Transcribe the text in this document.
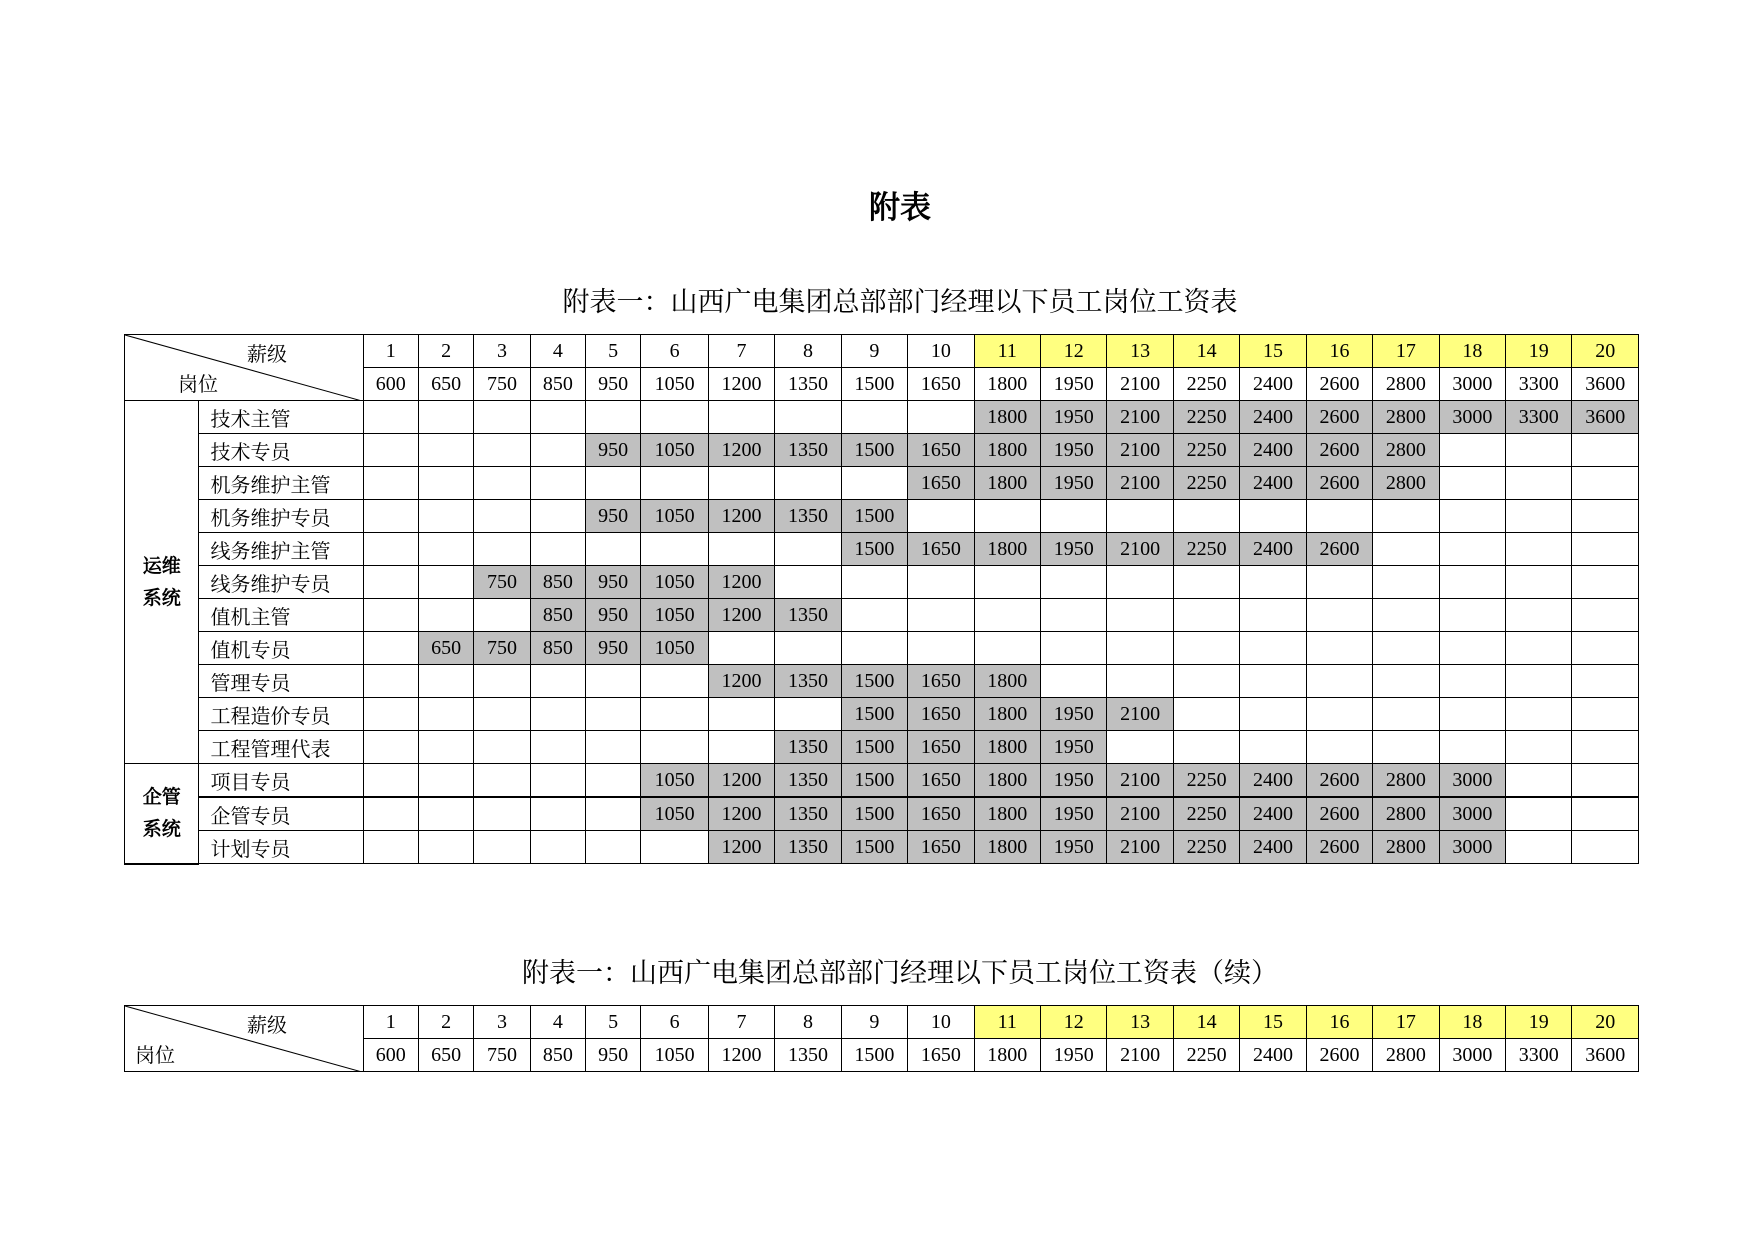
附表
附表一：山西广电集团总部部门经理以下员工岗位工资表
薪级
岗位		1	2	3	4	5	6	7	8	9	10	11	12	13	14	15	16	17	18	19	20
		600	650	750	850	950	1050	1200	1350	1500	1650	1800	1950	2100	2250	2400	2600	2800	3000	3300	3600
运维
系统	技术主管											1800	1950	2100	2250	2400	2600	2800	3000	3300	3600
	技术专员					950	1050	1200	1350	1500	1650	1800	1950	2100	2250	2400	2600	2800			
	机务维护主管										1650	1800	1950	2100	2250	2400	2600	2800			
	机务维护专员					950	1050	1200	1350	1500											
	线务维护主管									1500	1650	1800	1950	2100	2250	2400	2600				
	线务维护专员			750	850	950	1050	1200													
	值机主管				850	950	1050	1200	1350												
	值机专员		650	750	850	950	1050														
	管理专员							1200	1350	1500	1650	1800									
	工程造价专员									1500	1650	1800	1950	2100							
	工程管理代表								1350	1500	1650	1800	1950								
企管
系统	项目专员						1050	1200	1350	1500	1650	1800	1950	2100	2250	2400	2600	2800	3000		
	企管专员						1050	1200	1350	1500	1650	1800	1950	2100	2250	2400	2600	2800	3000		
	计划专员							1200	1350	1500	1650	1800	1950	2100	2250	2400	2600	2800	3000		
附表一：山西广电集团总部部门经理以下员工岗位工资表（续）
薪级
岗位	1	2	3	4	5	6	7	8	9	10	11	12	13	14	15	16	17	18	19	20
	600	650	750	850	950	1050	1200	1350	1500	1650	1800	1950	2100	2250	2400	2600	2800	3000	3300	3600
